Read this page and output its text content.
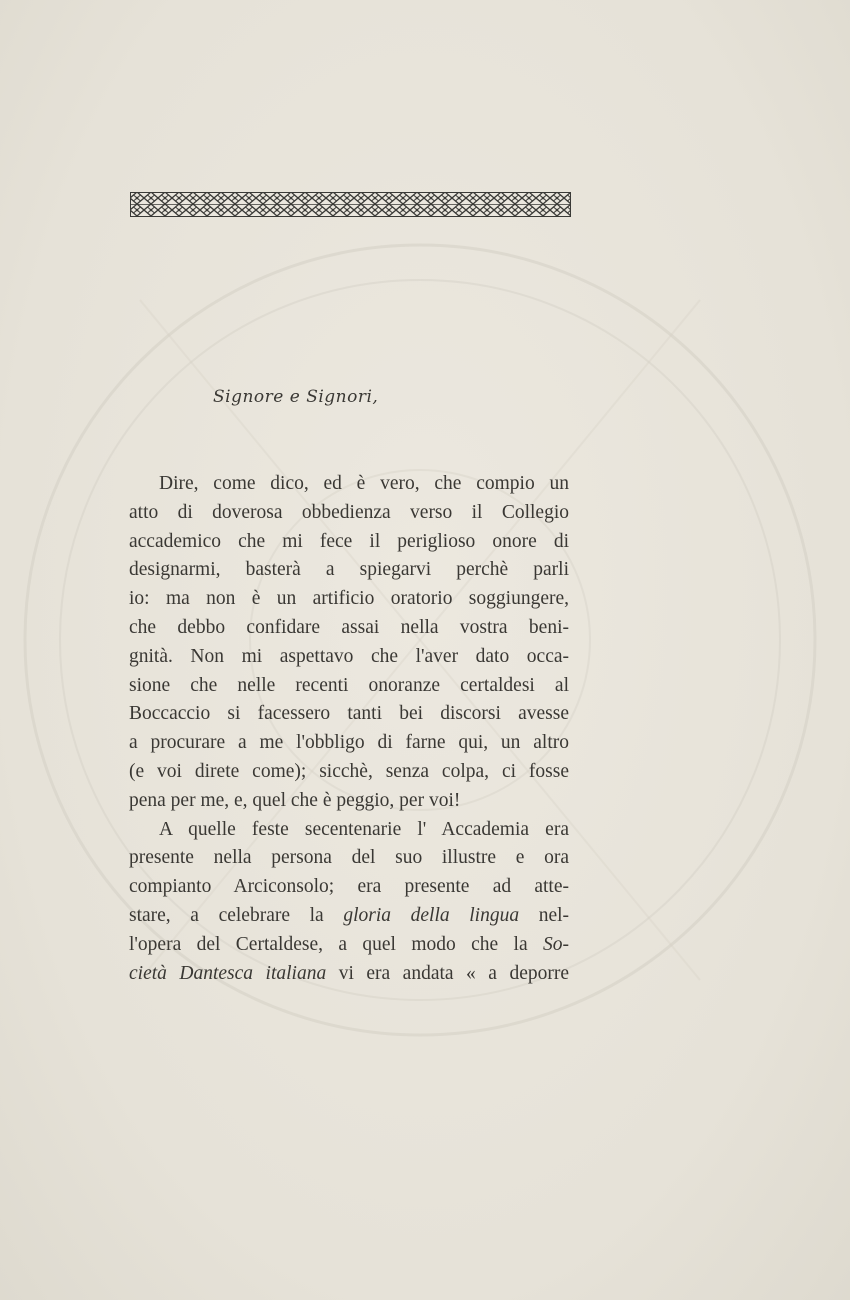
Signore e Signori,
Dire, come dico, ed è vero, che compio un
atto di doverosa obbedienza verso il Collegio
accademico che mi fece il periglioso onore di
designarmi, basterà a spiegarvi perchè parli
io: ma non è un artificio oratorio soggiungere,
che debbo confidare assai nella vostra beni-
gnità. Non mi aspettavo che l'aver dato occa-
sione che nelle recenti onoranze certaldesi al
Boccaccio si facessero tanti bei discorsi avesse
a procurare a me l'obbligo di farne qui, un altro
(e voi direte come); sicchè, senza colpa, ci fosse
pena per me, e, quel che è peggio, per voi!
A quelle feste secentenarie l' Accademia era
presente nella persona del suo illustre e ora
compianto Arciconsolo; era presente ad atte-
stare, a celebrare la gloria della lingua nel-
l'opera del Certaldese, a quel modo che la So-
cietà Dantesca italiana vi era andata « a deporre
